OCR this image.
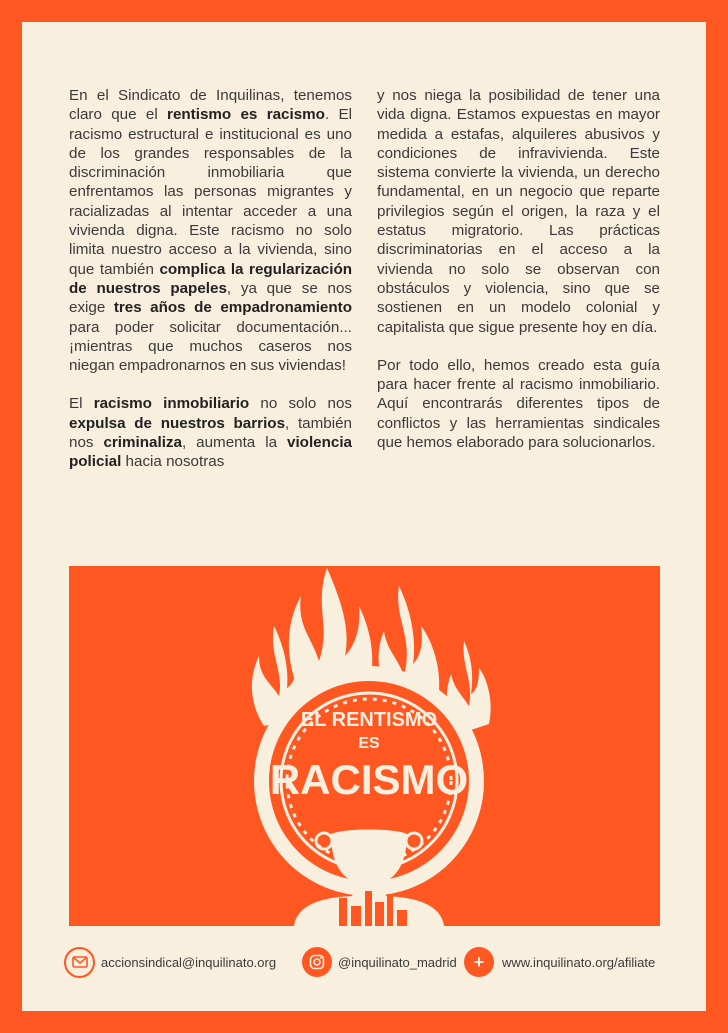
En el Sindicato de Inquilinas, tenemos claro que el rentismo es racismo. El racismo estructural e institucional es uno de los grandes responsables de la discriminación inmobiliaria que enfrentamos las personas migrantes y racializadas al intentar acceder a una vivienda digna. Este racismo no solo limita nuestro acceso a la vivienda, sino que también complica la regularización de nuestros papeles, ya que se nos exige tres años de empadronamiento para poder solicitar documentación... ¡mientras que muchos caseros nos niegan empadronarnos en sus viviendas!

El racismo inmobiliario no solo nos expulsa de nuestros barrios, también nos criminaliza, aumenta la violencia policial hacia nosotras

y nos niega la posibilidad de tener una vida digna. Estamos expuestas en mayor medida a estafas, alquileres abusivos y condiciones de infravivienda. Este sistema convierte la vivienda, un derecho fundamental, en un negocio que reparte privilegios según el origen, la raza y el estatus migratorio. Las prácticas discriminatorias en el acceso a la vivienda no solo se observan con obstáculos y violencia, sino que se sostienen en un modelo colonial y capitalista que sigue presente hoy en día.

Por todo ello, hemos creado esta guía para hacer frente al racismo inmobiliario. Aquí encontrarás diferentes tipos de conflictos y las herramientas sindicales que hemos elaborado para solucionarlos.

EL RENTISMO
ES
RACISMO
accionsindical@inquilinato.org	@inquilinato_madrid + www.inquilinato.org/afiliate
